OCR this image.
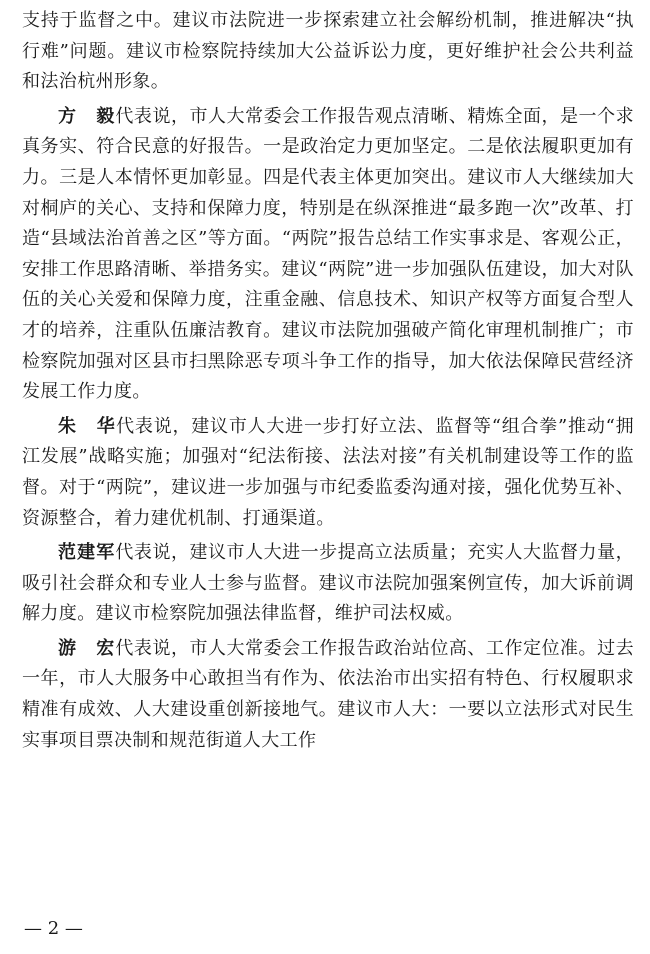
支持于监督之中。建议市法院进一步探索建立社会解纷机制，推进解决“执行难”问题。建议市检察院持续加大公益诉讼力度，更好维护社会公共利益和法治杭州形象。

方　毅代表说，市人大常委会工作报告观点清晰、精炼全面，是一个求真务实、符合民意的好报告。一是政治定力更加坚定。二是依法履职更加有力。三是人本情怀更加彰显。四是代表主体更加突出。建议市人大继续加大对桐庐的关心、支持和保障力度，特别是在纵深推进“最多跑一次”改革、打造“县域法治首善之区”等方面。“两院”报告总结工作实事求是、客观公正，安排工作思路清晰、举措务实。建议“两院”进一步加强队伍建设，加大对队伍的关心关爱和保障力度，注重金融、信息技术、知识产权等方面复合型人才的培养，注重队伍廉洁教育。建议市法院加强破产简化审理机制推广；市检察院加强对区县市扫黑除恶专项斗争工作的指导，加大依法保障民营经济发展工作力度。

朱　华代表说，建议市人大进一步打好立法、监督等“组合拳”推动“拥江发展”战略实施；加强对“纪法衔接、法法对接”有关机制建设等工作的监督。对于“两院”，建议进一步加强与市纪委监委沟通对接，强化优势互补、资源整合，着力建优机制、打通渠道。

范建军代表说，建议市人大进一步提高立法质量；充实人大监督力量，吸引社会群众和专业人士参与监督。建议市法院加强案例宣传，加大诉前调解力度。建议市检察院加强法律监督，维护司法权威。

游　宏代表说，市人大常委会工作报告政治站位高、工作定位准。过去一年，市人大服务中心敢担当有作为、依法治市出实招有特色、行权履职求精准有成效、人大建设重创新接地气。建议市人大：一要以立法形式对民生实事项目票决制和规范街道人大工作

— 2 —
